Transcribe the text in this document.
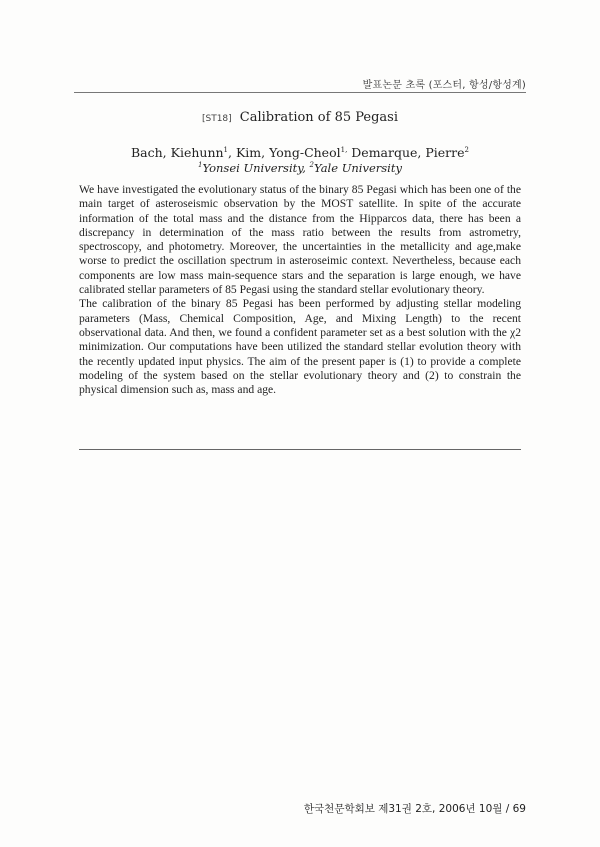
발표논문 초록 (포스터, 항성/항성계)
[ST18] Calibration of 85 Pegasi
Bach, Kiehunn$^1$, Kim, Yong-Cheol$^{1,}$ Demarque, Pierre$^2$
$^1$Yonsei University, $^2$Yale University

We have investigated the evolutionary status of the binary 85 Pegasi which has been one of the main target of asteroseismic observation by the MOST satellite. In spite of the accurate information of the total mass and the distance from the Hipparcos data, there has been a discrepancy in determination of the mass ratio between the results from astrometry, spectroscopy, and photometry. Moreover, the uncertainties in the metallicity and age,make worse to predict the oscillation spectrum in asteroseimic context. Nevertheless, because each components are low mass main-sequence stars and the separation is large enough, we have calibrated stellar parameters of 85 Pegasi using the standard stellar evolutionary theory.

The calibration of the binary 85 Pegasi has been performed by adjusting stellar modeling parameters (Mass, Chemical Composition, Age, and Mixing Length) to the recent observational data. And then, we found a confident parameter set as a best solution with the χ2 minimization. Our computations have been utilized the standard stellar evolution theory with the recently updated input physics. The aim of the present paper is (1) to provide a complete modeling of the system based on the stellar evolutionary theory and (2) to constrain the physical dimension such as, mass and age.

한국천문학회보 제31권 2호, 2006년 10월 / 69
